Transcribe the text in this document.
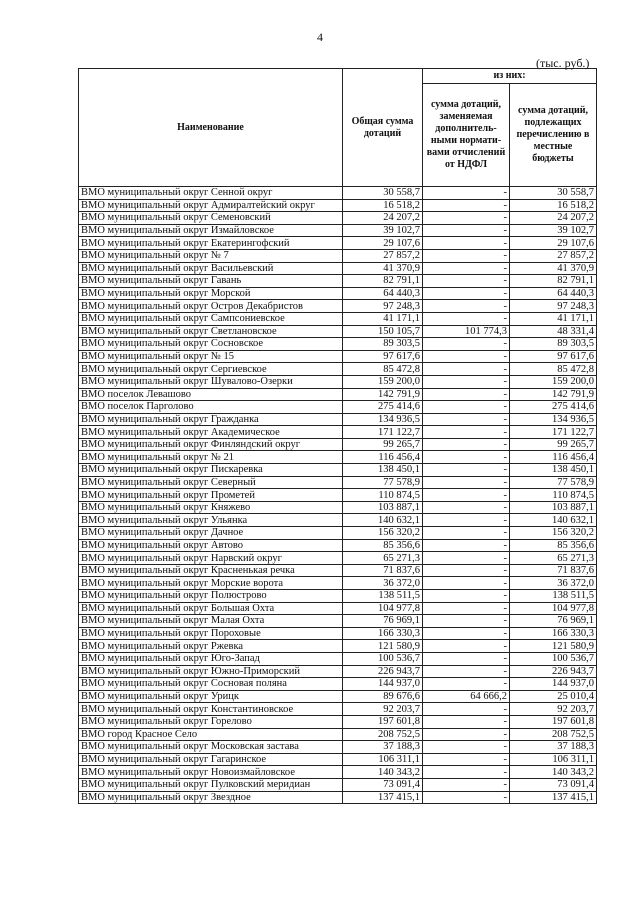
4
(тыс. руб.)
Наименование	Общая сумма дотаций	из них:	
		сумма дотаций, заменяемая дополнитель-ными нормати-вами отчислений от НДФЛ	сумма дотаций, подлежащих перечислению в местные бюджеты
ВМО муниципальный округ Сенной округ	30 558,7	-	30 558,7
ВМО муниципальный округ Адмиралтейский округ	16 518,2	-	16 518,2
ВМО муниципальный округ Семеновский	24 207,2	-	24 207,2
ВМО муниципальный округ Измайловское	39 102,7	-	39 102,7
ВМО муниципальный округ Екатерингофский	29 107,6	-	29 107,6
ВМО муниципальный округ № 7	27 857,2	-	27 857,2
ВМО муниципальный округ Васильевский	41 370,9	-	41 370,9
ВМО муниципальный округ Гавань	82 791,1	-	82 791,1
ВМО муниципальный округ Морской	64 440,3	-	64 440,3
ВМО муниципальный округ Остров Декабристов	97 248,3	-	97 248,3
ВМО муниципальный округ Сампсониевское	41 171,1	-	41 171,1
ВМО муниципальный округ Светлановское	150 105,7	101 774,3	48 331,4
ВМО муниципальный округ Сосновское	89 303,5	-	89 303,5
ВМО муниципальный округ № 15	97 617,6	-	97 617,6
ВМО муниципальный округ Сергиевское	85 472,8	-	85 472,8
ВМО муниципальный округ Шувалово-Озерки	159 200,0	-	159 200,0
ВМО поселок Левашово	142 791,9	-	142 791,9
ВМО поселок Парголово	275 414,6	-	275 414,6
ВМО муниципальный округ Гражданка	134 936,5	-	134 936,5
ВМО муниципальный округ Академическое	171 122,7	-	171 122,7
ВМО муниципальный округ Финляндский округ	99 265,7	-	99 265,7
ВМО муниципальный округ № 21	116 456,4	-	116 456,4
ВМО муниципальный округ Пискаревка	138 450,1	-	138 450,1
ВМО муниципальный округ Северный	77 578,9	-	77 578,9
ВМО муниципальный округ Прометей	110 874,5	-	110 874,5
ВМО муниципальный округ Княжево	103 887,1	-	103 887,1
ВМО муниципальный округ Ульянка	140 632,1	-	140 632,1
ВМО муниципальный округ Дачное	156 320,2	-	156 320,2
ВМО муниципальный округ Автово	85 356,6	-	85 356,6
ВМО муниципальный округ Нарвский округ	65 271,3	-	65 271,3
ВМО муниципальный округ Красненькая речка	71 837,6	-	71 837,6
ВМО муниципальный округ Морские ворота	36 372,0	-	36 372,0
ВМО муниципальный округ Полюстрово	138 511,5	-	138 511,5
ВМО муниципальный округ Большая Охта	104 977,8	-	104 977,8
ВМО муниципальный округ Малая Охта	76 969,1	-	76 969,1
ВМО муниципальный округ Пороховые	166 330,3	-	166 330,3
ВМО муниципальный округ Ржевка	121 580,9	-	121 580,9
ВМО муниципальный округ Юго-Запад	100 536,7	-	100 536,7
ВМО муниципальный округ Южно-Приморский	226 943,7	-	226 943,7
ВМО муниципальный округ Сосновая поляна	144 937,0	-	144 937,0
ВМО муниципальный округ Урицк	89 676,6	64 666,2	25 010,4
ВМО муниципальный округ Константиновское	92 203,7	-	92 203,7
ВМО муниципальный округ Горелово	197 601,8	-	197 601,8
ВМО город Красное Село	208 752,5	-	208 752,5
ВМО муниципальный округ Московская застава	37 188,3	-	37 188,3
ВМО муниципальный округ Гагаринское	106 311,1	-	106 311,1
ВМО муниципальный округ Новоизмайловское	140 343,2	-	140 343,2
ВМО муниципальный округ Пулковский меридиан	73 091,4	-	73 091,4
ВМО муниципальный округ Звездное	137 415,1	-	137 415,1
